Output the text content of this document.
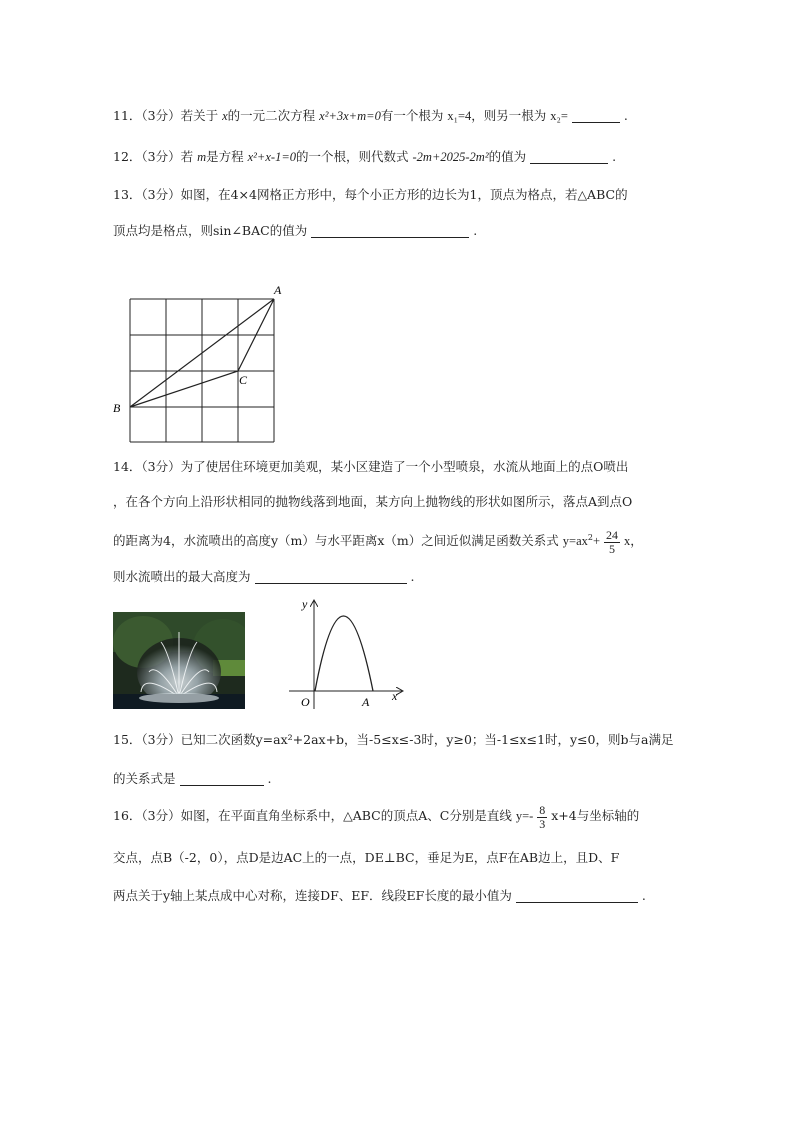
11．（3分）若关于 x的一元二次方程 x²+3x+m=0有一个根为 x₁=4，则另一根为 x₂=	.
12．（3分）若 m是方程 x²+x-1=0的一个根，则代数式 -2m+2025-2m²的值为	.
13．（3分）如图，在4×4网格正方形中，每个小正方形的边长为1，顶点为格点，若△ABC的
顶点均是格点，则sin∠BAC的值为	.
A
B
C
14．（3分）为了使居住环境更加美观，某小区建造了一个小型喷泉，水流从地面上的点O喷出
，在各个方向上沿形状相同的抛物线落到地面，某方向上抛物线的形状如图所示，落点A到点O
的距离为4，水流喷出的高度y（m）与水平距离x（m）之间近似满足函数关系式 $y=ax^2+ \frac{24}{5}$ x，
则水流喷出的最大高度为	.
y
x
O	A
15．（3分）已知二次函数y=ax²+2ax+b，当-5≤x≤-3时，y≥0；当-1≤x≤1时，y≤0，则b与a满足
的关系式是	.
16．（3分）如图，在平面直角坐标系中，△ABC的顶点A、C分别是直线 $y=- \frac{8}{3} x+4$与坐标轴的
交点，点B（-2，0），点D是边AC上的一点，DE⊥BC，垂足为E，点F在AB边上，且D、F
两点关于y轴上某点成中心对称，连接DF、EF．线段EF长度的最小值为	.
